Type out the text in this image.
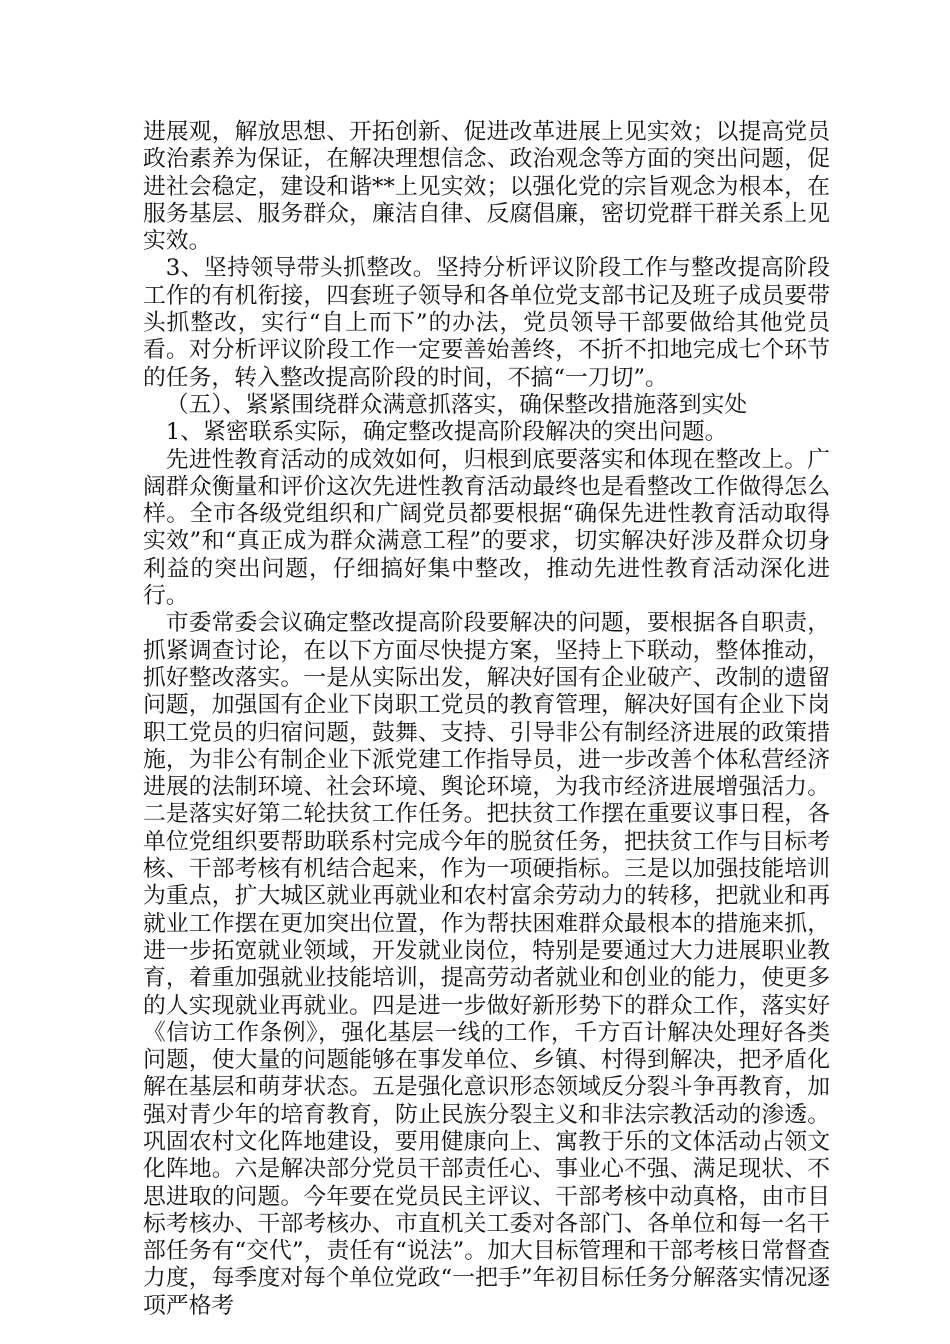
进展观，解放思想、开拓创新、促进改革进展上见实效；以提高党员政治素养为保证，在解决理想信念、政治观念等方面的突出问题，促进社会稳定，建设和谐**上见实效；以强化党的宗旨观念为根本，在服务基层、服务群众，廉洁自律、反腐倡廉，密切党群干群关系上见实效。

3、坚持领导带头抓整改。坚持分析评议阶段工作与整改提高阶段工作的有机衔接，四套班子领导和各单位党支部书记及班子成员要带头抓整改，实行“自上而下”的办法，党员领导干部要做给其他党员看。对分析评议阶段工作一定要善始善终，不折不扣地完成七个环节的任务，转入整改提高阶段的时间，不搞“一刀切”。

（五）、紧紧围绕群众满意抓落实，确保整改措施落到实处

1、紧密联系实际，确定整改提高阶段解决的突出问题。

先进性教育活动的成效如何，归根到底要落实和体现在整改上。广阔群众衡量和评价这次先进性教育活动最终也是看整改工作做得怎么样。全市各级党组织和广阔党员都要根据“确保先进性教育活动取得实效”和“真正成为群众满意工程”的要求，切实解决好涉及群众切身利益的突出问题，仔细搞好集中整改，推动先进性教育活动深化进行。

市委常委会议确定整改提高阶段要解决的问题，要根据各自职责，抓紧调查讨论，在以下方面尽快提方案，坚持上下联动，整体推动，抓好整改落实。一是从实际出发，解决好国有企业破产、改制的遗留问题，加强国有企业下岗职工党员的教育管理，解决好国有企业下岗职工党员的归宿问题，鼓舞、支持、引导非公有制经济进展的政策措施，为非公有制企业下派党建工作指导员，进一步改善个体私营经济进展的法制环境、社会环境、舆论环境，为我市经济进展增强活力。二是落实好第二轮扶贫工作任务。把扶贫工作摆在重要议事日程，各单位党组织要帮助联系村完成今年的脱贫任务，把扶贫工作与目标考核、干部考核有机结合起来，作为一项硬指标。三是以加强技能培训为重点，扩大城区就业再就业和农村富余劳动力的转移，把就业和再就业工作摆在更加突出位置，作为帮扶困难群众最根本的措施来抓，进一步拓宽就业领域，开发就业岗位，特别是要通过大力进展职业教育，着重加强就业技能培训，提高劳动者就业和创业的能力，使更多的人实现就业再就业。四是进一步做好新形势下的群众工作，落实好《信访工作条例》，强化基层一线的工作，千方百计解决处理好各类问题，使大量的问题能够在事发单位、乡镇、村得到解决，把矛盾化解在基层和萌芽状态。五是强化意识形态领域反分裂斗争再教育，加强对青少年的培育教育，防止民族分裂主义和非法宗教活动的渗透。巩固农村文化阵地建设，要用健康向上、寓教于乐的文体活动占领文化阵地。六是解决部分党员干部责任心、事业心不强、满足现状、不思进取的问题。今年要在党员民主评议、干部考核中动真格，由市目标考核办、干部考核办、市直机关工委对各部门、各单位和每一名干部任务有“交代”，责任有“说法”。加大目标管理和干部考核日常督查力度，每季度对每个单位党政“一把手”年初目标任务分解落实情况逐项严格考
